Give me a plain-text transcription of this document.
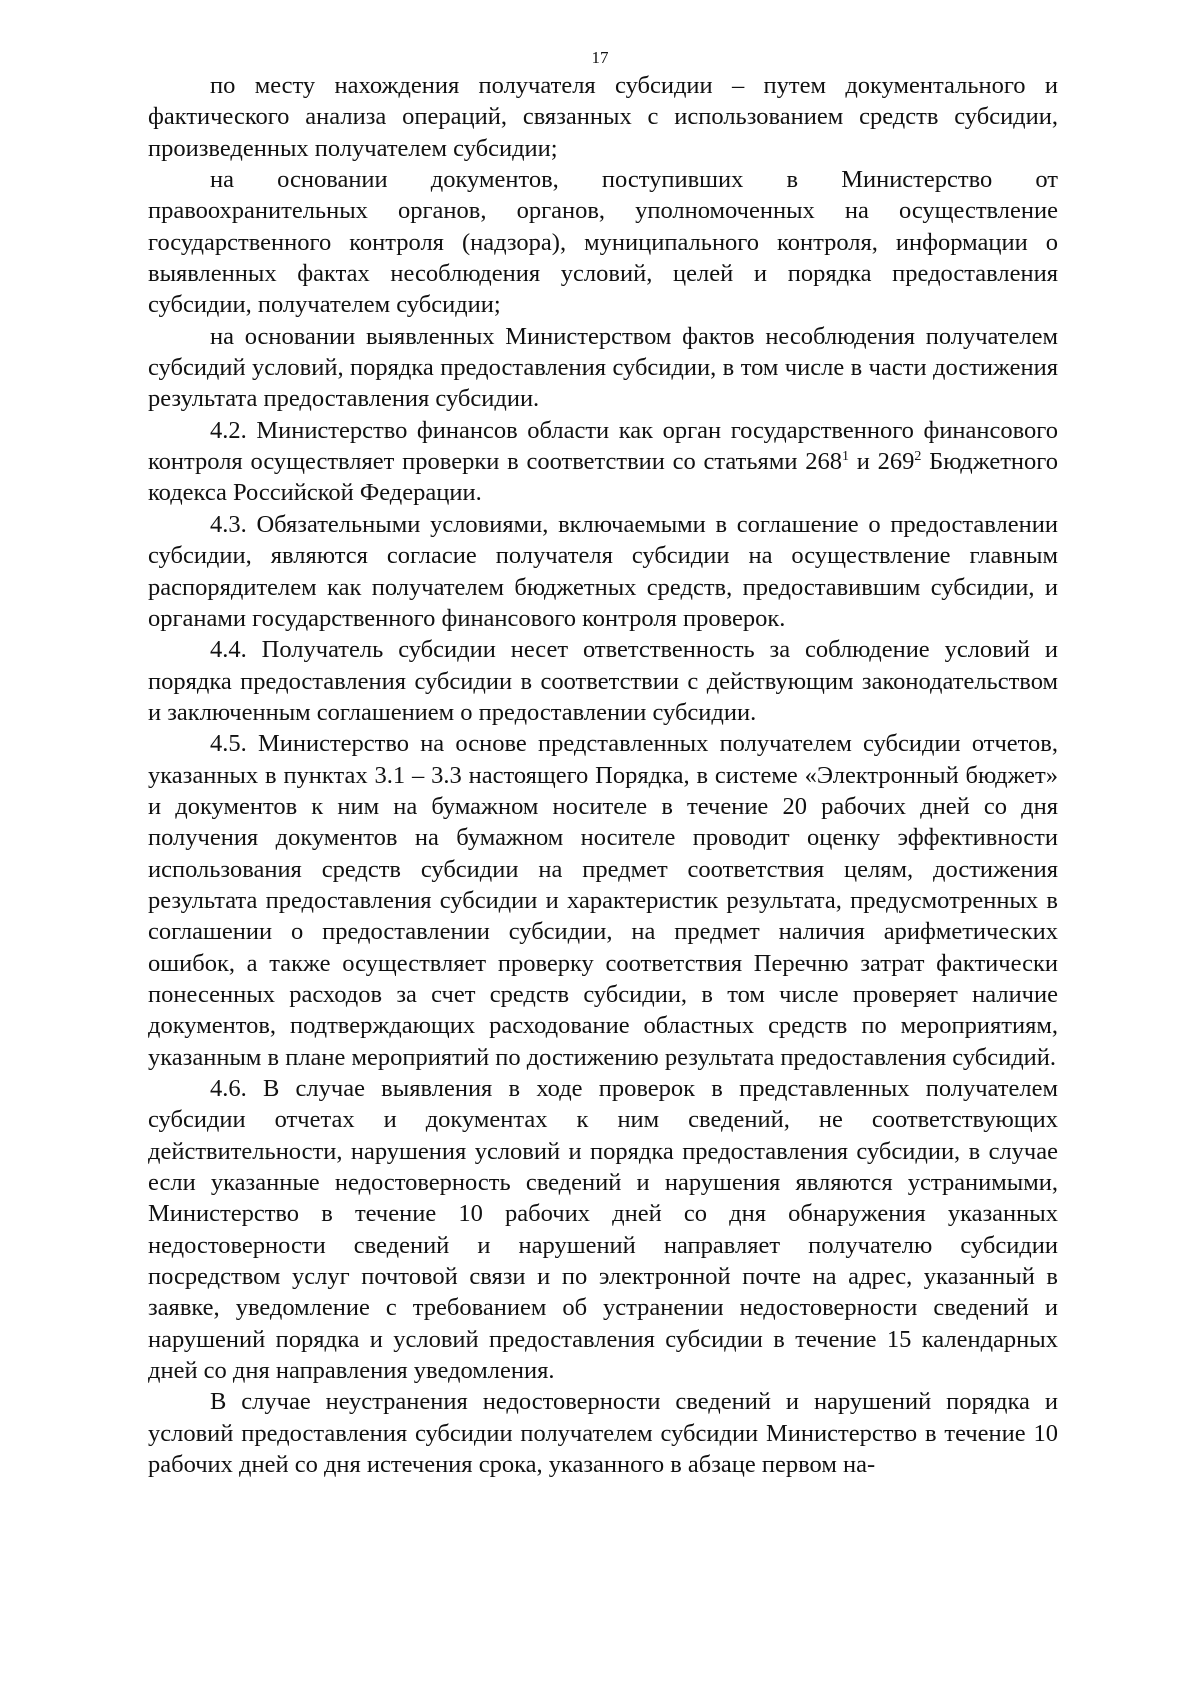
17

по месту нахождения получателя субсидии – путем документального и фактического анализа операций, связанных с использованием средств субсидии, произведенных получателем субсидии;

на основании документов, поступивших в Министерство от правоохранительных органов, органов, уполномоченных на осуществление государственного контроля (надзора), муниципального контроля, информации о выявленных фактах несоблюдения условий, целей и порядка предоставления субсидии, получателем субсидии;

на основании выявленных Министерством фактов несоблюдения получателем субсидий условий, порядка предоставления субсидии, в том числе в части достижения результата предоставления субсидии.

4.2. Министерство финансов области как орган государственного финансового контроля осуществляет проверки в соответствии со статьями $268^1$ и $269^2$ Бюджетного кодекса Российской Федерации.

4.3. Обязательными условиями, включаемыми в соглашение о предоставлении субсидии, являются согласие получателя субсидии на осуществление главным распорядителем как получателем бюджетных средств, предоставившим субсидии, и органами государственного финансового контроля проверок.

4.4. Получатель субсидии несет ответственность за соблюдение условий и порядка предоставления субсидии в соответствии с действующим законодательством и заключенным соглашением о предоставлении субсидии.

4.5. Министерство на основе представленных получателем субсидии отчетов, указанных в пунктах 3.1 – 3.3 настоящего Порядка, в системе «Электронный бюджет» и документов к ним на бумажном носителе в течение 20 рабочих дней со дня получения документов на бумажном носителе проводит оценку эффективности использования средств субсидии на предмет соответствия целям, достижения результата предоставления субсидии и характеристик результата, предусмотренных в соглашении о предоставлении субсидии, на предмет наличия арифметических ошибок, а также осуществляет проверку соответствия Перечню затрат фактически понесенных расходов за счет средств субсидии, в том числе проверяет наличие документов, подтверждающих расходование областных средств по мероприятиям, указанным в плане мероприятий по достижению результата предоставления субсидий.

4.6. В случае выявления в ходе проверок в представленных получателем субсидии отчетах и документах к ним сведений, не соответствующих действительности, нарушения условий и порядка предоставления субсидии, в случае если указанные недостоверность сведений и нарушения являются устранимыми, Министерство в течение 10 рабочих дней со дня обнаружения указанных недостоверности сведений и нарушений направляет получателю субсидии посредством услуг почтовой связи и по электронной почте на адрес, указанный в заявке, уведомление с требованием об устранении недостоверности сведений и нарушений порядка и условий предоставления субсидии в течение 15 календарных дней со дня направления уведомления.

В случае неустранения недостоверности сведений и нарушений порядка и условий предоставления субсидии получателем субсидии Министерство в течение 10 рабочих дней со дня истечения срока, указанного в абзаце первом на-
